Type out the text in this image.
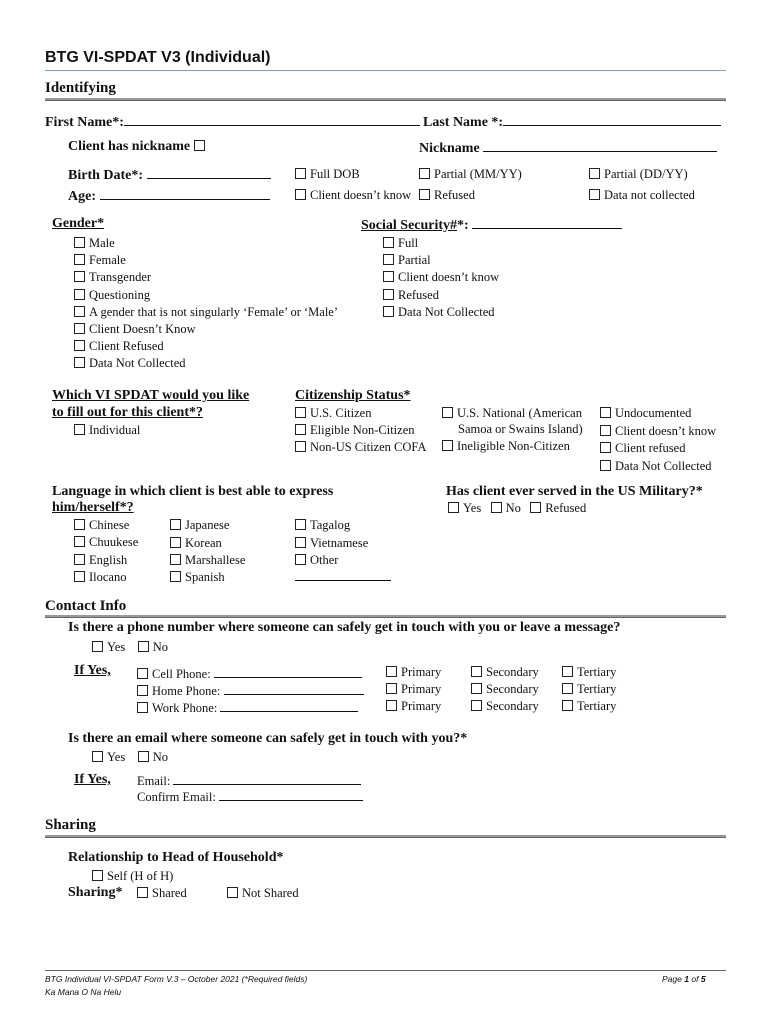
BTG VI-SPDAT V3 (Individual)
Identifying
First Name*:	Last Name *:
Client has nickname	Nickname
Birth Date*:
Age:
Full DOB	Partial (MM/YY)	Partial (DD/YY)
Client doesn’t know	Refused	Data not collected
Gender*
Male
Female
Transgender
Questioning
A gender that is not singularly ‘Female’ or ‘Male’
Client Doesn’t Know
Client Refused
Data Not Collected
Social Security#*:
Full
Partial
Client doesn’t know
Refused
Data Not Collected
Which VI SPDAT would you like
to fill out for this client*?
Individual
Citizenship Status*
U.S. Citizen
Eligible Non-Citizen
Non-US Citizen COFA
U.S. National (American
Samoa or Swains Island)
Ineligible Non-Citizen
Undocumented
Client doesn’t know
Client refused
Data Not Collected
Language in which client is best able to express
him/herself*?
Chinese
Chuukese
English
Ilocano
Japanese
Korean
Marshallese
Spanish
Tagalog
Vietnamese
Other
Has client ever served in the US Military?*
Yes No Refused
Contact Info
Is there a phone number where someone can safely get in touch with you or leave a message?
Yes No
If Yes,	Cell Phone:
Home Phone:
Work Phone:
Primary	Secondary	Tertiary
Primary	Secondary	Tertiary
Primary	Secondary	Tertiary
Is there an email where someone can safely get in touch with you?*
Yes No
If Yes, Email:
Confirm Email:
Sharing
Relationship to Head of Household*
Self (H of H)
Sharing*	Shared	Not Shared
BTG Individual VI-SPDAT Form V.3 – October 2021 (*Required fields)
Ka Mana O Na Helu
Page 1 of 5
